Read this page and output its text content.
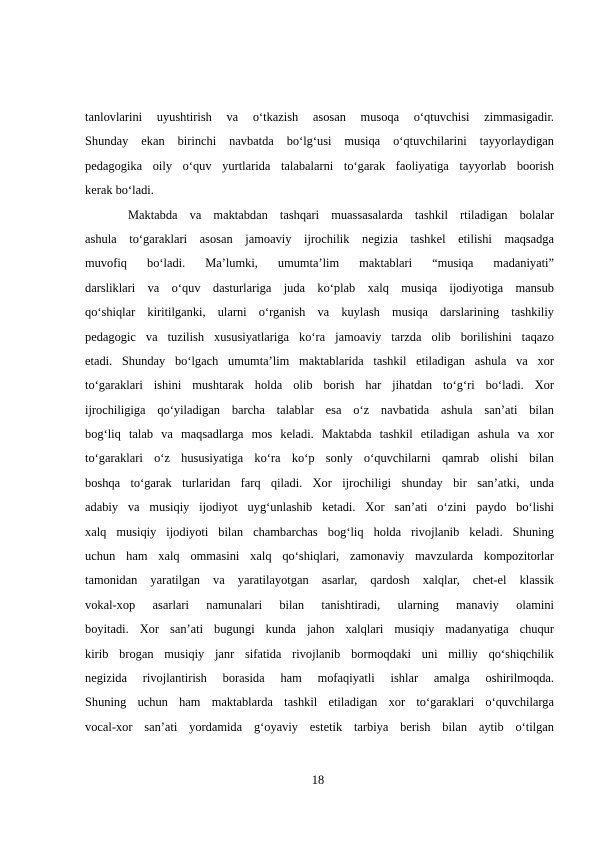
tanlovlarini uyushtirish va o‘tkazish asosan musoqa o‘qtuvchisi zimmasigadir.
Shunday ekan birinchi navbatda bo‘lg‘usi musiqa o‘qtuvchilarini tayyorlaydigan
pedagogika oily o‘quv yurtlarida talabalarni to‘garak faoliyatiga tayyorlab boorish
kerak bo‘ladi.
Maktabda va maktabdan tashqari muassasalarda tashkil rtiladigan bolalar
ashula to‘garaklari asosan jamoaviy ijrochilik negizia tashkel etilishi maqsadga
muvofiq bo‘ladi. Ma’lumki, umumta’lim maktablari “musiqa madaniyati”
darsliklari va o‘quv dasturlariga juda ko‘plab xalq musiqa ijodiyotiga mansub
qo‘shiqlar kiritilganki, ularni o‘rganish va kuylash musiqa darslarining tashkiliy
pedagogic va tuzilish xususiyatlariga ko‘ra jamoaviy tarzda olib borilishini taqazo
etadi. Shunday bo‘lgach umumta’lim maktablarida tashkil etiladigan ashula va xor
to‘garaklari ishini mushtarak holda olib borish har jihatdan to‘g‘ri bo‘ladi. Xor
ijrochiligiga qo‘yiladigan barcha talablar esa o‘z navbatida ashula san’ati bilan
bog‘liq talab va maqsadlarga mos keladi. Maktabda tashkil etiladigan ashula va xor
to‘garaklari o‘z hususiyatiga ko‘ra ko‘p sonly o‘quvchilarni qamrab olishi bilan
boshqa to‘garak turlaridan farq qiladi. Xor ijrochiligi shunday bir san’atki, unda
adabiy va musiqiy ijodiyot uyg‘unlashib ketadi. Xor san’ati o‘zini paydo bo‘lishi
xalq musiqiy ijodiyoti bilan chambarchas bog‘liq holda rivojlanib keladi. Shuning
uchun ham xalq ommasini xalq qo‘shiqlari, zamonaviy mavzularda kompozitorlar
tamonidan yaratilgan va yaratilayotgan asarlar, qardosh xalqlar, chet-el klassik
vokal-xop asarlari namunalari bilan tanishtiradi, ularning manaviy olamini
boyitadi. Xor san’ati bugungi kunda jahon xalqlari musiqiy madanyatiga chuqur
kirib brogan musiqiy janr sifatida rivojlanib bormoqdaki uni milliy qo‘shiqchilik
negizida rivojlantirish borasida ham mofaqiyatli ishlar amalga oshirilmoqda.
Shuning uchun ham maktablarda tashkil etiladigan xor to‘garaklari o‘quvchilarga
vocal-xor san’ati yordamida g‘oyaviy estetik tarbiya berish bilan aytib o‘tilgan
18
